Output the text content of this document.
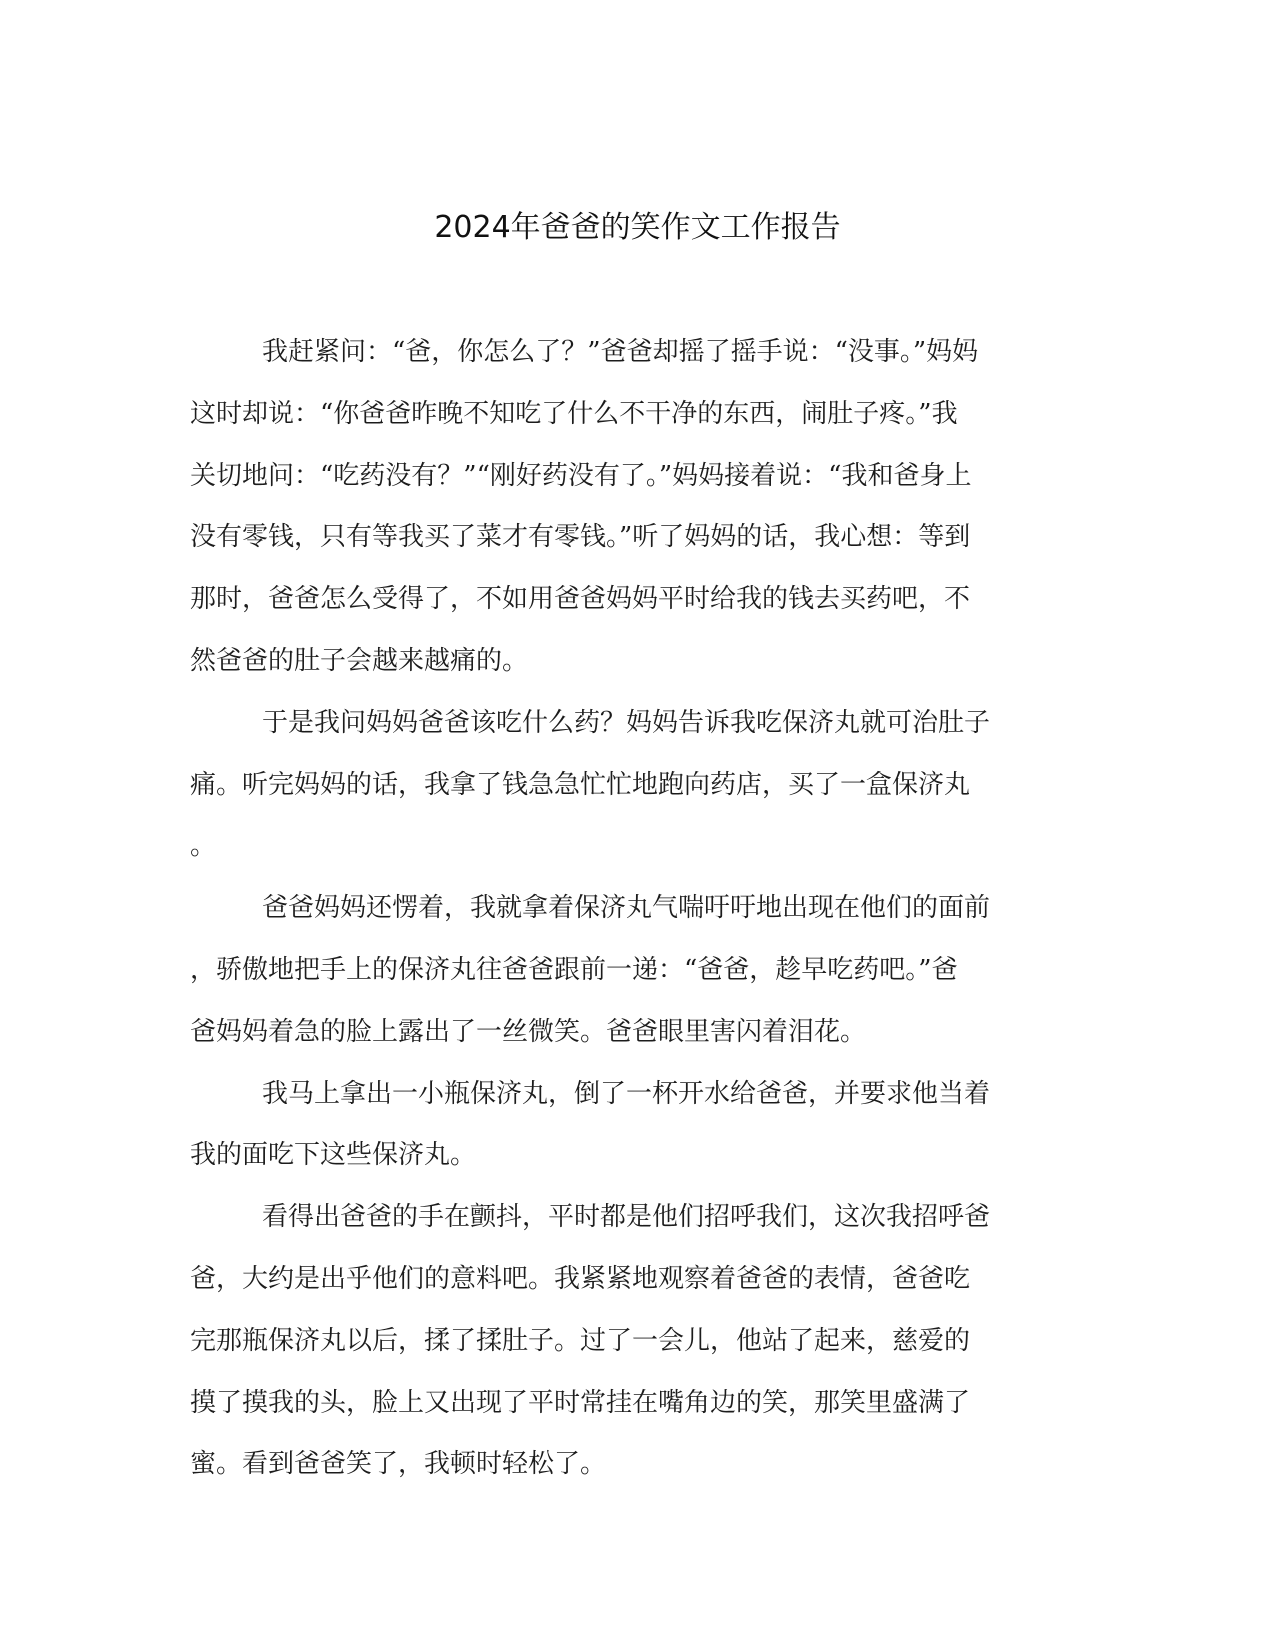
2024年爸爸的笑作文工作报告
我赶紧问：“爸，你怎么了？”爸爸却摇了摇手说：“没事。”妈妈
这时却说：“你爸爸昨晚不知吃了什么不干净的东西，闹肚子疼。”我
关切地问：“吃药没有？”“刚好药没有了。”妈妈接着说：“我和爸身上
没有零钱，只有等我买了菜才有零钱。”听了妈妈的话，我心想：等到
那时，爸爸怎么受得了，不如用爸爸妈妈平时给我的钱去买药吧，不
然爸爸的肚子会越来越痛的。
于是我问妈妈爸爸该吃什么药？妈妈告诉我吃保济丸就可治肚子
痛。听完妈妈的话，我拿了钱急急忙忙地跑向药店，买了一盒保济丸
。
爸爸妈妈还愣着，我就拿着保济丸气喘吁吁地出现在他们的面前
，骄傲地把手上的保济丸往爸爸跟前一递：“爸爸，趁早吃药吧。”爸
爸妈妈着急的脸上露出了一丝微笑。爸爸眼里害闪着泪花。
我马上拿出一小瓶保济丸，倒了一杯开水给爸爸，并要求他当着
我的面吃下这些保济丸。
看得出爸爸的手在颤抖，平时都是他们招呼我们，这次我招呼爸
爸，大约是出乎他们的意料吧。我紧紧地观察着爸爸的表情，爸爸吃
完那瓶保济丸以后，揉了揉肚子。过了一会儿，他站了起来，慈爱的
摸了摸我的头，脸上又出现了平时常挂在嘴角边的笑，那笑里盛满了
蜜。看到爸爸笑了，我顿时轻松了。
